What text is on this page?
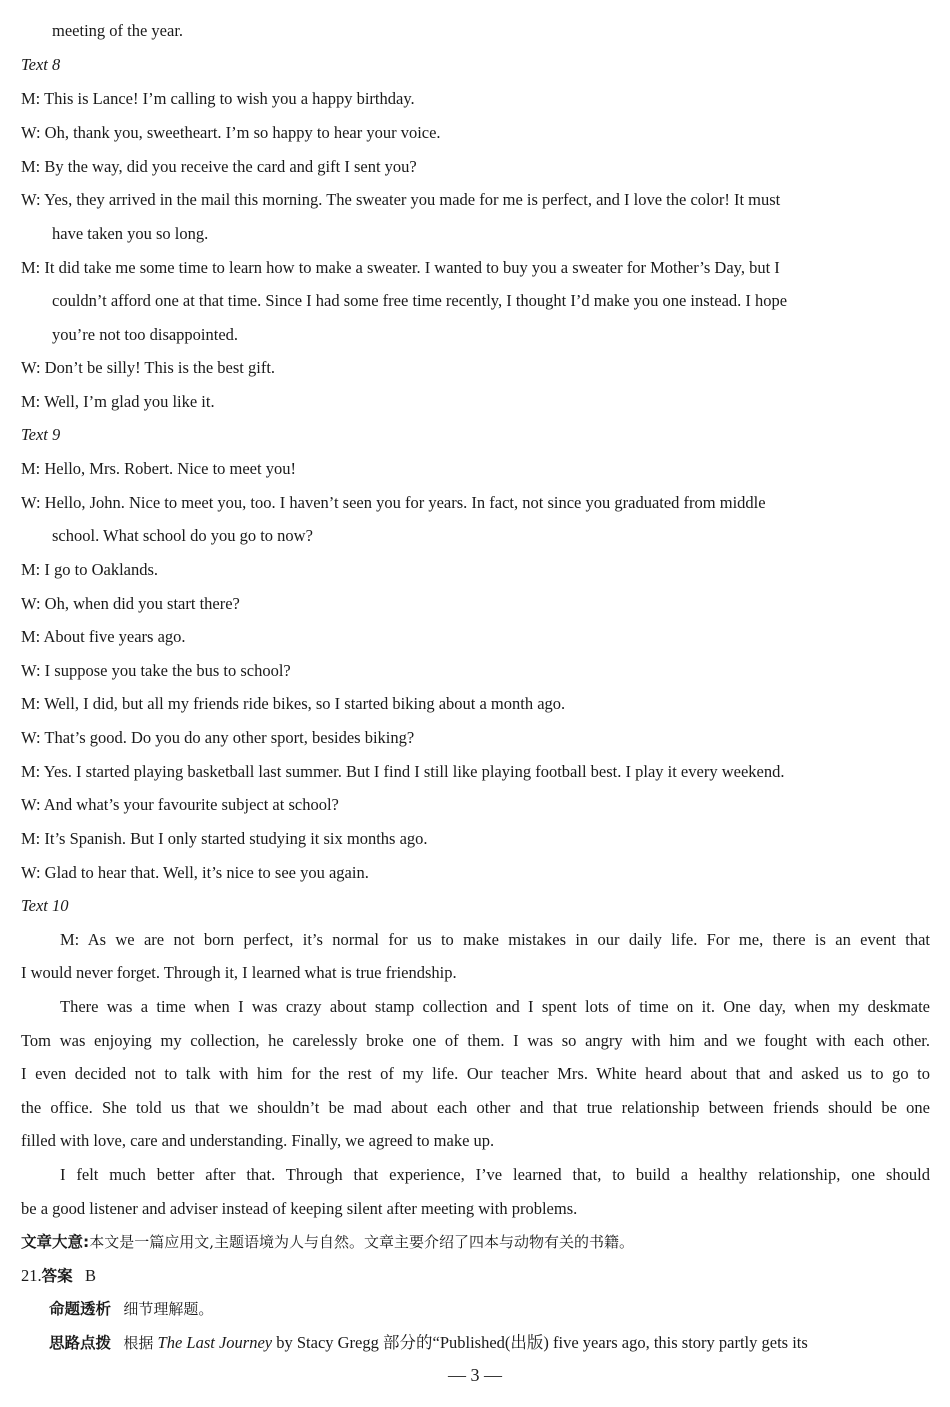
meeting of the year.
Text 8
M: This is Lance! I’m calling to wish you a happy birthday.
W: Oh, thank you, sweetheart. I’m so happy to hear your voice.
M: By the way, did you receive the card and gift I sent you?
W: Yes, they arrived in the mail this morning. The sweater you made for me is perfect, and I love the color! It must
have taken you so long.
M: It did take me some time to learn how to make a sweater. I wanted to buy you a sweater for Mother’s Day, but I
couldn’t afford one at that time. Since I had some free time recently, I thought I’d make you one instead. I hope
you’re not too disappointed.
W: Don’t be silly! This is the best gift.
M: Well, I’m glad you like it.
Text 9
M: Hello, Mrs. Robert. Nice to meet you!
W: Hello, John. Nice to meet you, too. I haven’t seen you for years. In fact, not since you graduated from middle
school. What school do you go to now?
M: I go to Oaklands.
W: Oh, when did you start there?
M: About five years ago.
W: I suppose you take the bus to school?
M: Well, I did, but all my friends ride bikes, so I started biking about a month ago.
W: That’s good. Do you do any other sport, besides biking?
M: Yes. I started playing basketball last summer. But I find I still like playing football best. I play it every weekend.
W: And what’s your favourite subject at school?
M: It’s Spanish. But I only started studying it six months ago.
W: Glad to hear that. Well, it’s nice to see you again.
Text 10
M: As we are not born perfect, it’s normal for us to make mistakes in our daily life. For me, there is an event that
I would never forget. Through it, I learned what is true friendship.
There was a time when I was crazy about stamp collection and I spent lots of time on it. One day, when my deskmate
Tom was enjoying my collection, he carelessly broke one of them. I was so angry with him and we fought with each other.
I even decided not to talk with him for the rest of my life. Our teacher Mrs. White heard about that and asked us to go to
the office. She told us that we shouldn’t be mad about each other and that true relationship between friends should be one
filled with love, care and understanding. Finally, we agreed to make up.
I felt much better after that. Through that experience, I’ve learned that, to build a healthy relationship, one should
be a good listener and adviser instead of keeping silent after meeting with problems.
文章大意:本文是一篇应用文,主题语境为人与自然。文章主要介绍了四本与动物有关的书籍。
21.答案 B
命题透析 细节理解题。
思路点拨 根据 The Last Journey by Stacy Gregg 部分的“Published(出版) five years ago, this story partly gets its
— 3 —
